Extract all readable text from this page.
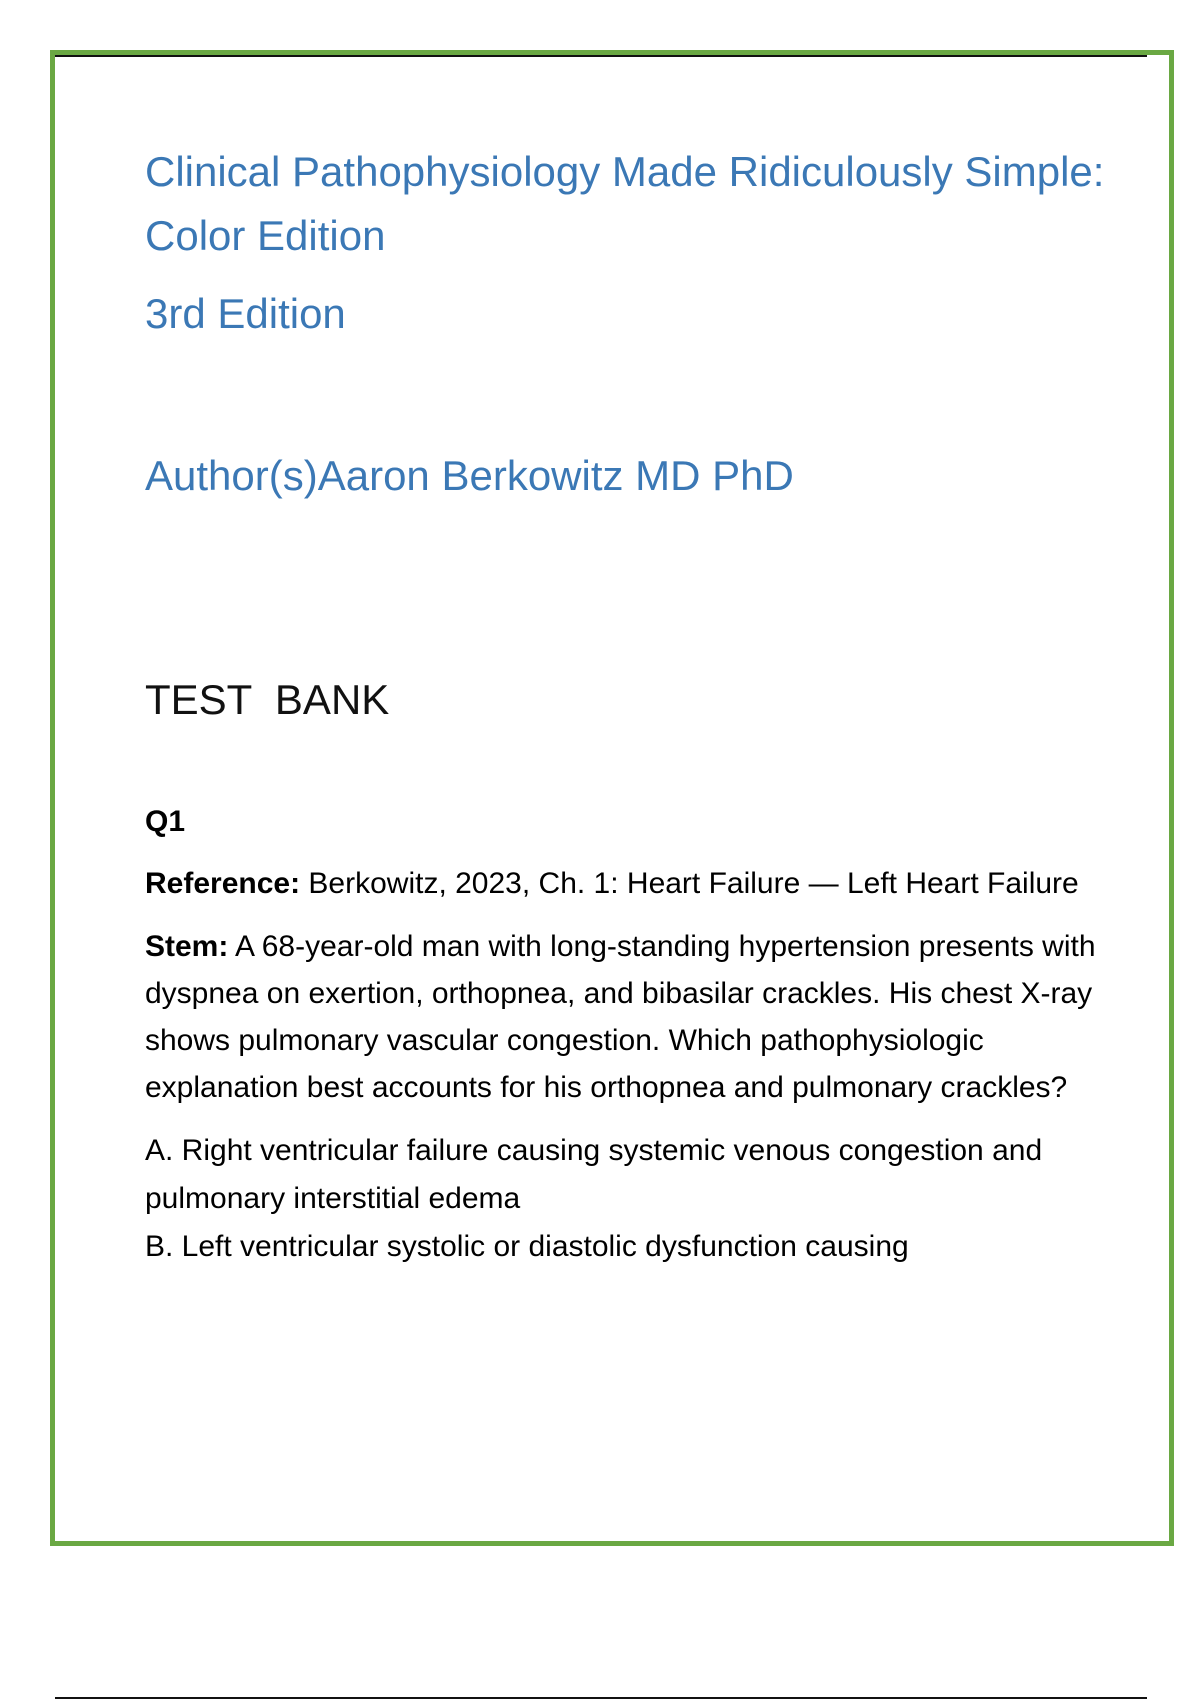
Clinical Pathophysiology Made Ridiculously Simple: Color Edition
3rd Edition
Author(s)Aaron Berkowitz MD PhD
TEST  BANK
Q1

Reference: Berkowitz, 2023, Ch. 1: Heart Failure — Left Heart Failure

Stem: A 68-year-old man with long-standing hypertension presents with dyspnea on exertion, orthopnea, and bibasilar crackles. His chest X-ray shows pulmonary vascular congestion. Which pathophysiologic explanation best accounts for his orthopnea and pulmonary crackles?

A. Right ventricular failure causing systemic venous congestion and pulmonary interstitial edema
B. Left ventricular systolic or diastolic dysfunction causing
